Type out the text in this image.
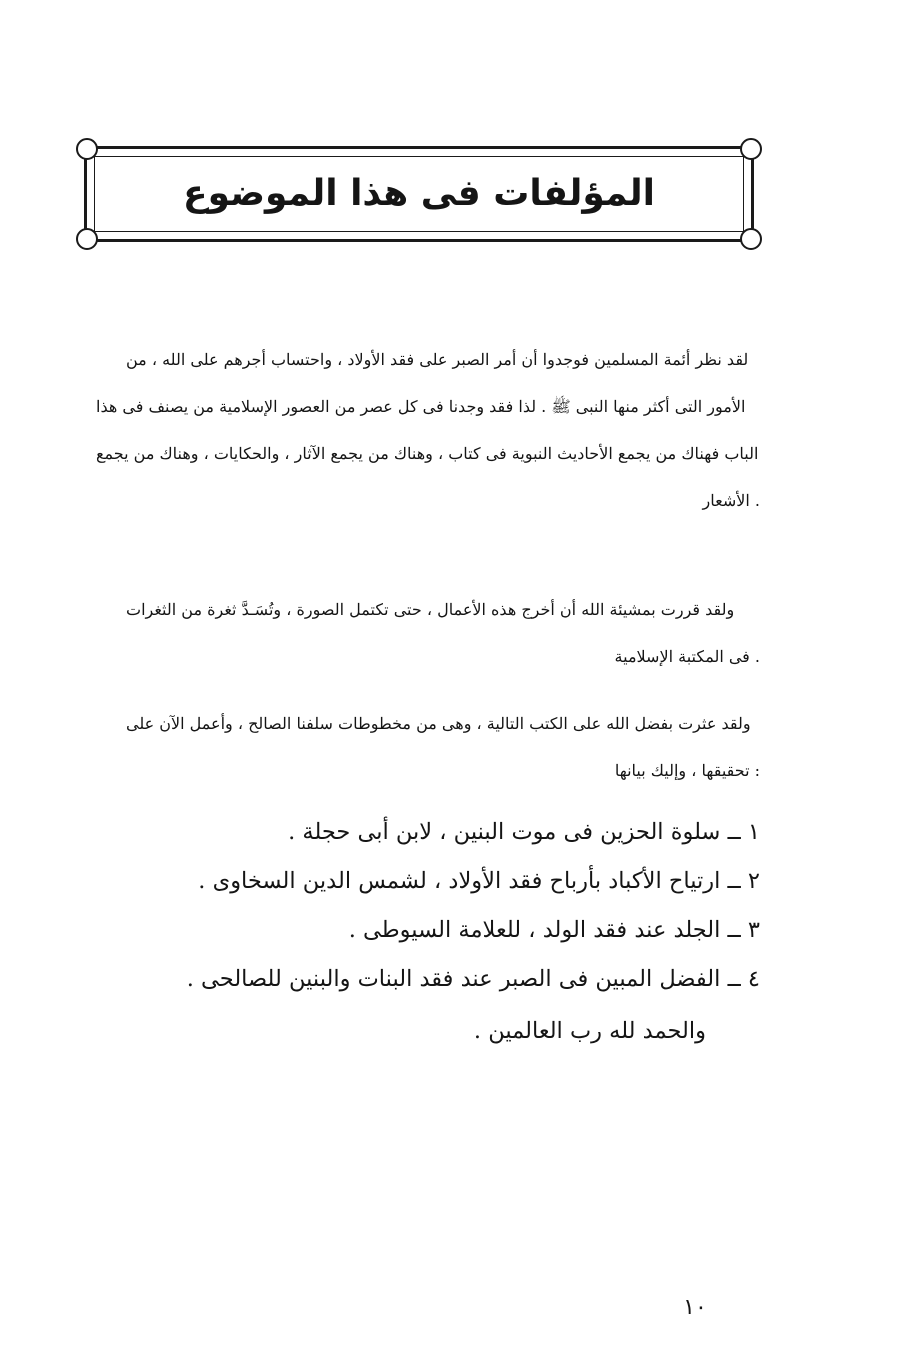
المؤلفات فى هذا الموضوع

لقد نظر أئمة المسلمين فوجدوا أن أمر الصبر على فقد الأولاد ، واحتساب أجرهم على الله ، من الأمور التى أكثر منها النبى ﷺ . لذا فقد وجدنا فى كل عصر من العصور الإسلامية من يصنف فى هذا الباب فهناك من يجمع الأحاديث النبوية فى كتاب ، وهناك من يجمع الآثار ، والحكايات ، وهناك من يجمع الأشعار .

ولقد قررت بمشيئة الله أن أخرج هذه الأعمال ، حتى تكتمل الصورة ، وتُسَـدَّ ثغرة من الثغرات فى المكتبة الإسلامية .

ولقد عثرت بفضل الله على الكتب التالية ، وهى من مخطوطات سلفنا الصالح ، وأعمل الآن على تحقيقها ، وإليك بيانها :

١ ــ سلوة الحزين فى موت البنين ، لابن أبى حجلة .
٢ ــ ارتياح الأكباد بأرباح فقد الأولاد ، لشمس الدين السخاوى .
٣ ــ الجلد عند فقد الولد ، للعلامة السيوطى .
٤ ــ الفضل المبين فى الصبر عند فقد البنات والبنين للصالحى .
والحمد لله رب العالمين .
١٠
